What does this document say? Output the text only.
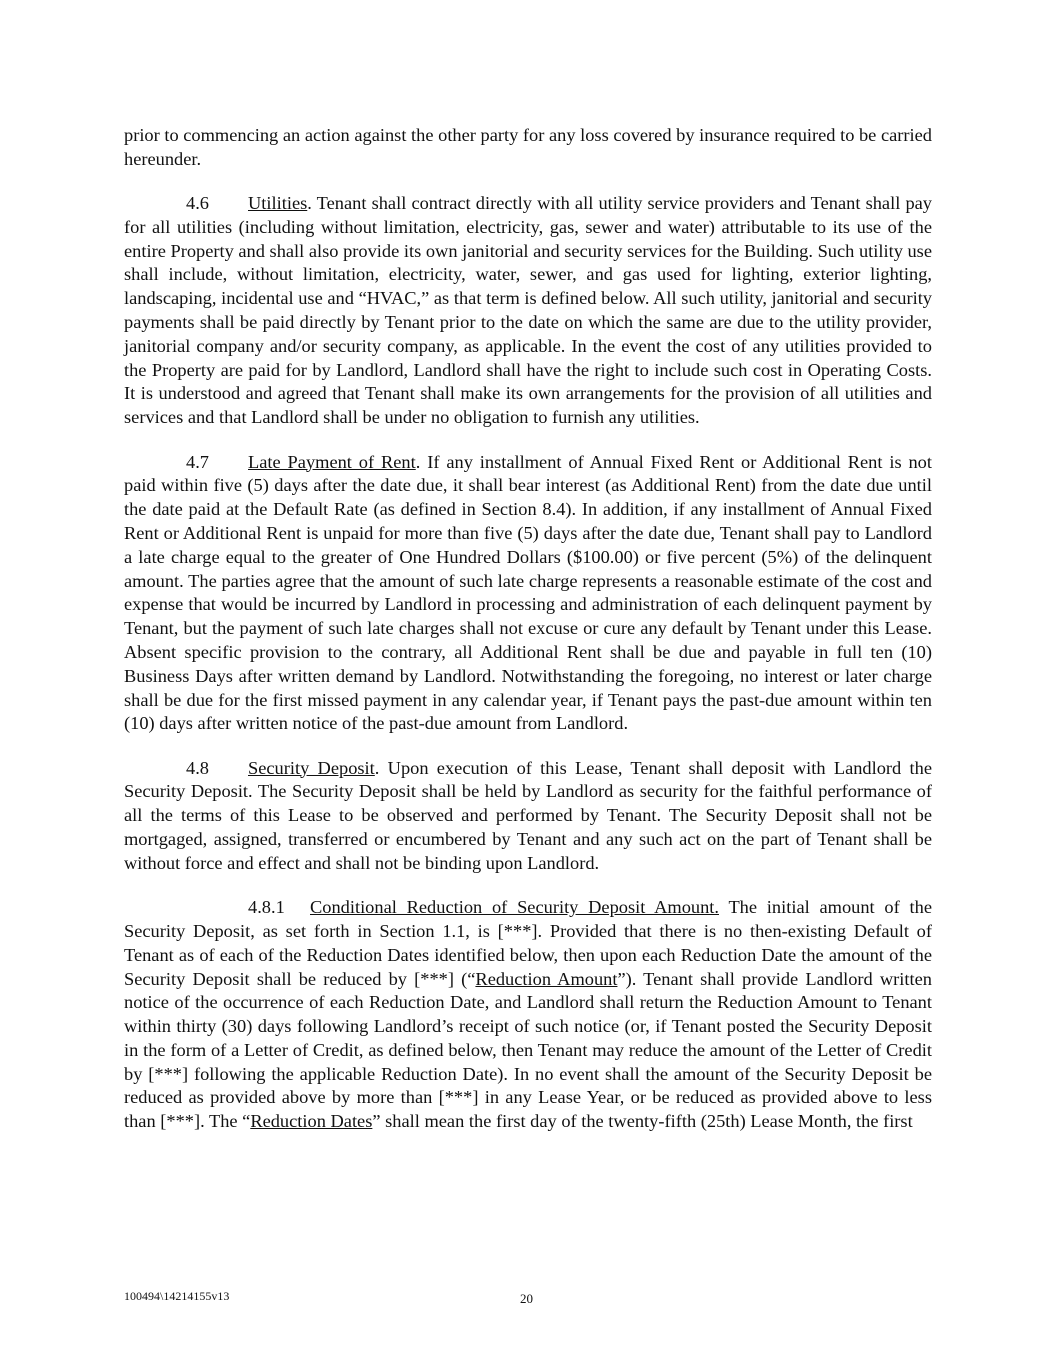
prior to commencing an action against the other party for any loss covered by insurance required to be carried hereunder.

4.6 Utilities. Tenant shall contract directly with all utility service providers and Tenant shall pay for all utilities (including without limitation, electricity, gas, sewer and water) attributable to its use of the entire Property and shall also provide its own janitorial and security services for the Building. Such utility use shall include, without limitation, electricity, water, sewer, and gas used for lighting, exterior lighting, landscaping, incidental use and “HVAC,” as that term is defined below. All such utility, janitorial and security payments shall be paid directly by Tenant prior to the date on which the same are due to the utility provider, janitorial company and/or security company, as applicable. In the event the cost of any utilities provided to the Property are paid for by Landlord, Landlord shall have the right to include such cost in Operating Costs. It is understood and agreed that Tenant shall make its own arrangements for the provision of all utilities and services and that Landlord shall be under no obligation to furnish any utilities.

4.7 Late Payment of Rent. If any installment of Annual Fixed Rent or Additional Rent is not paid within five (5) days after the date due, it shall bear interest (as Additional Rent) from the date due until the date paid at the Default Rate (as defined in Section 8.4). In addition, if any installment of Annual Fixed Rent or Additional Rent is unpaid for more than five (5) days after the date due, Tenant shall pay to Landlord a late charge equal to the greater of One Hundred Dollars ($100.00) or five percent (5%) of the delinquent amount. The parties agree that the amount of such late charge represents a reasonable estimate of the cost and expense that would be incurred by Landlord in processing and administration of each delinquent payment by Tenant, but the payment of such late charges shall not excuse or cure any default by Tenant under this Lease. Absent specific provision to the contrary, all Additional Rent shall be due and payable in full ten (10) Business Days after written demand by Landlord. Notwithstanding the foregoing, no interest or later charge shall be due for the first missed payment in any calendar year, if Tenant pays the past-due amount within ten (10) days after written notice of the past-due amount from Landlord.

4.8 Security Deposit. Upon execution of this Lease, Tenant shall deposit with Landlord the Security Deposit. The Security Deposit shall be held by Landlord as security for the faithful performance of all the terms of this Lease to be observed and performed by Tenant. The Security Deposit shall not be mortgaged, assigned, transferred or encumbered by Tenant and any such act on the part of Tenant shall be without force and effect and shall not be binding upon Landlord.

4.8.1 Conditional Reduction of Security Deposit Amount. The initial amount of the Security Deposit, as set forth in Section 1.1, is [***]. Provided that there is no then-existing Default of Tenant as of each of the Reduction Dates identified below, then upon each Reduction Date the amount of the Security Deposit shall be reduced by [***] (“Reduction Amount”). Tenant shall provide Landlord written notice of the occurrence of each Reduction Date, and Landlord shall return the Reduction Amount to Tenant within thirty (30) days following Landlord’s receipt of such notice (or, if Tenant posted the Security Deposit in the form of a Letter of Credit, as defined below, then Tenant may reduce the amount of the Letter of Credit by [***] following the applicable Reduction Date). In no event shall the amount of the Security Deposit be reduced as provided above by more than [***] in any Lease Year, or be reduced as provided above to less than [***]. The “Reduction Dates” shall mean the first day of the twenty-fifth (25th) Lease Month, the first

100494\14214155v13	20
